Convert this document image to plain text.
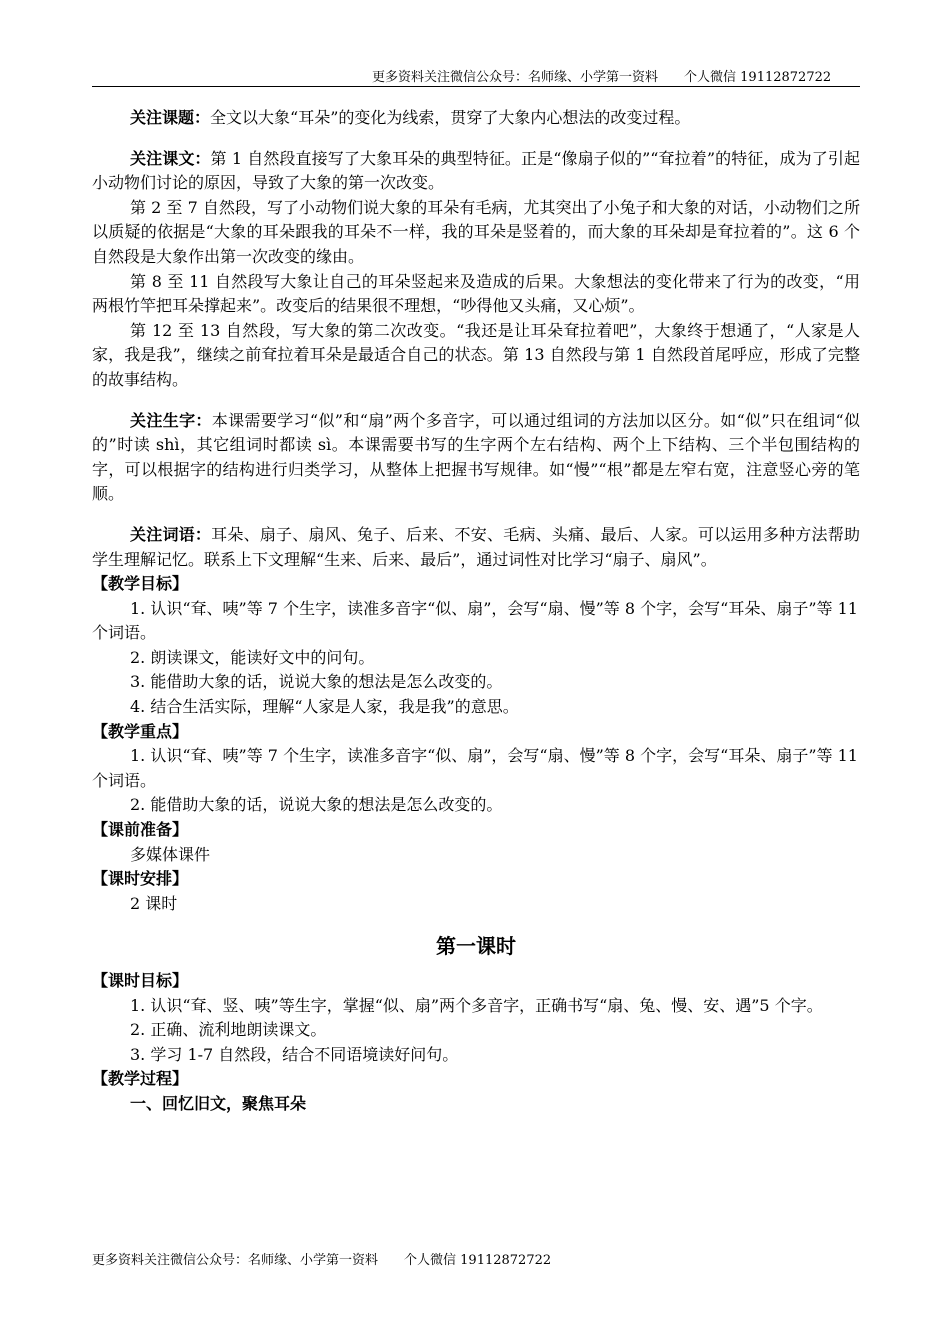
更多资料关注微信公众号：名师缘、小学第一资料 个人微信 19112872722

关注课题：全文以大象“耳朵”的变化为线索，贯穿了大象内心想法的改变过程。

关注课文：第 1 自然段直接写了大象耳朵的典型特征。正是“像扇子似的”“耷拉着”的特征，成为了引起小动物们讨论的原因，导致了大象的第一次改变。

第 2 至 7 自然段，写了小动物们说大象的耳朵有毛病，尤其突出了小兔子和大象的对话，小动物们之所以质疑的依据是“大象的耳朵跟我的耳朵不一样，我的耳朵是竖着的，而大象的耳朵却是耷拉着的”。这 6 个自然段是大象作出第一次改变的缘由。

第 8 至 11 自然段写大象让自己的耳朵竖起来及造成的后果。大象想法的变化带来了行为的改变，“用两根竹竿把耳朵撑起来”。改变后的结果很不理想，“吵得他又头痛，又心烦”。

第 12 至 13 自然段，写大象的第二次改变。“我还是让耳朵耷拉着吧”，大象终于想通了，“人家是人家，我是我”，继续之前耷拉着耳朵是最适合自己的状态。第 13 自然段与第 1 自然段首尾呼应，形成了完整的故事结构。

关注生字：本课需要学习“似”和“扇”两个多音字，可以通过组词的方法加以区分。如“似”只在组词“似的”时读 shì，其它组词时都读 sì。本课需要书写的生字两个左右结构、两个上下结构、三个半包围结构的字，可以根据字的结构进行归类学习，从整体上把握书写规律。如“慢”“根”都是左窄右宽，注意竖心旁的笔顺。

关注词语：耳朵、扇子、扇风、兔子、后来、不安、毛病、头痛、最后、人家。可以运用多种方法帮助学生理解记忆。联系上下文理解“生来、后来、最后”，通过词性对比学习“扇子、扇风”。

【教学目标】

1. 认识“耷、咦”等 7 个生字，读准多音字“似、扇”，会写“扇、慢”等 8 个字，会写“耳朵、扇子”等 11 个词语。

2. 朗读课文，能读好文中的问句。

3. 能借助大象的话，说说大象的想法是怎么改变的。

4. 结合生活实际，理解“人家是人家，我是我”的意思。

【教学重点】

1. 认识“耷、咦”等 7 个生字，读准多音字“似、扇”，会写“扇、慢”等 8 个字，会写“耳朵、扇子”等 11 个词语。

2. 能借助大象的话，说说大象的想法是怎么改变的。

【课前准备】

多媒体课件

【课时安排】

2 课时

第一课时

【课时目标】

1. 认识“耷、竖、咦”等生字，掌握“似、扇”两个多音字，正确书写“扇、兔、慢、安、遇”5 个字。

2. 正确、流利地朗读课文。

3. 学习 1-7 自然段，结合不同语境读好问句。

【教学过程】

一、回忆旧文，聚焦耳朵

更多资料关注微信公众号：名师缘、小学第一资料 个人微信 19112872722
